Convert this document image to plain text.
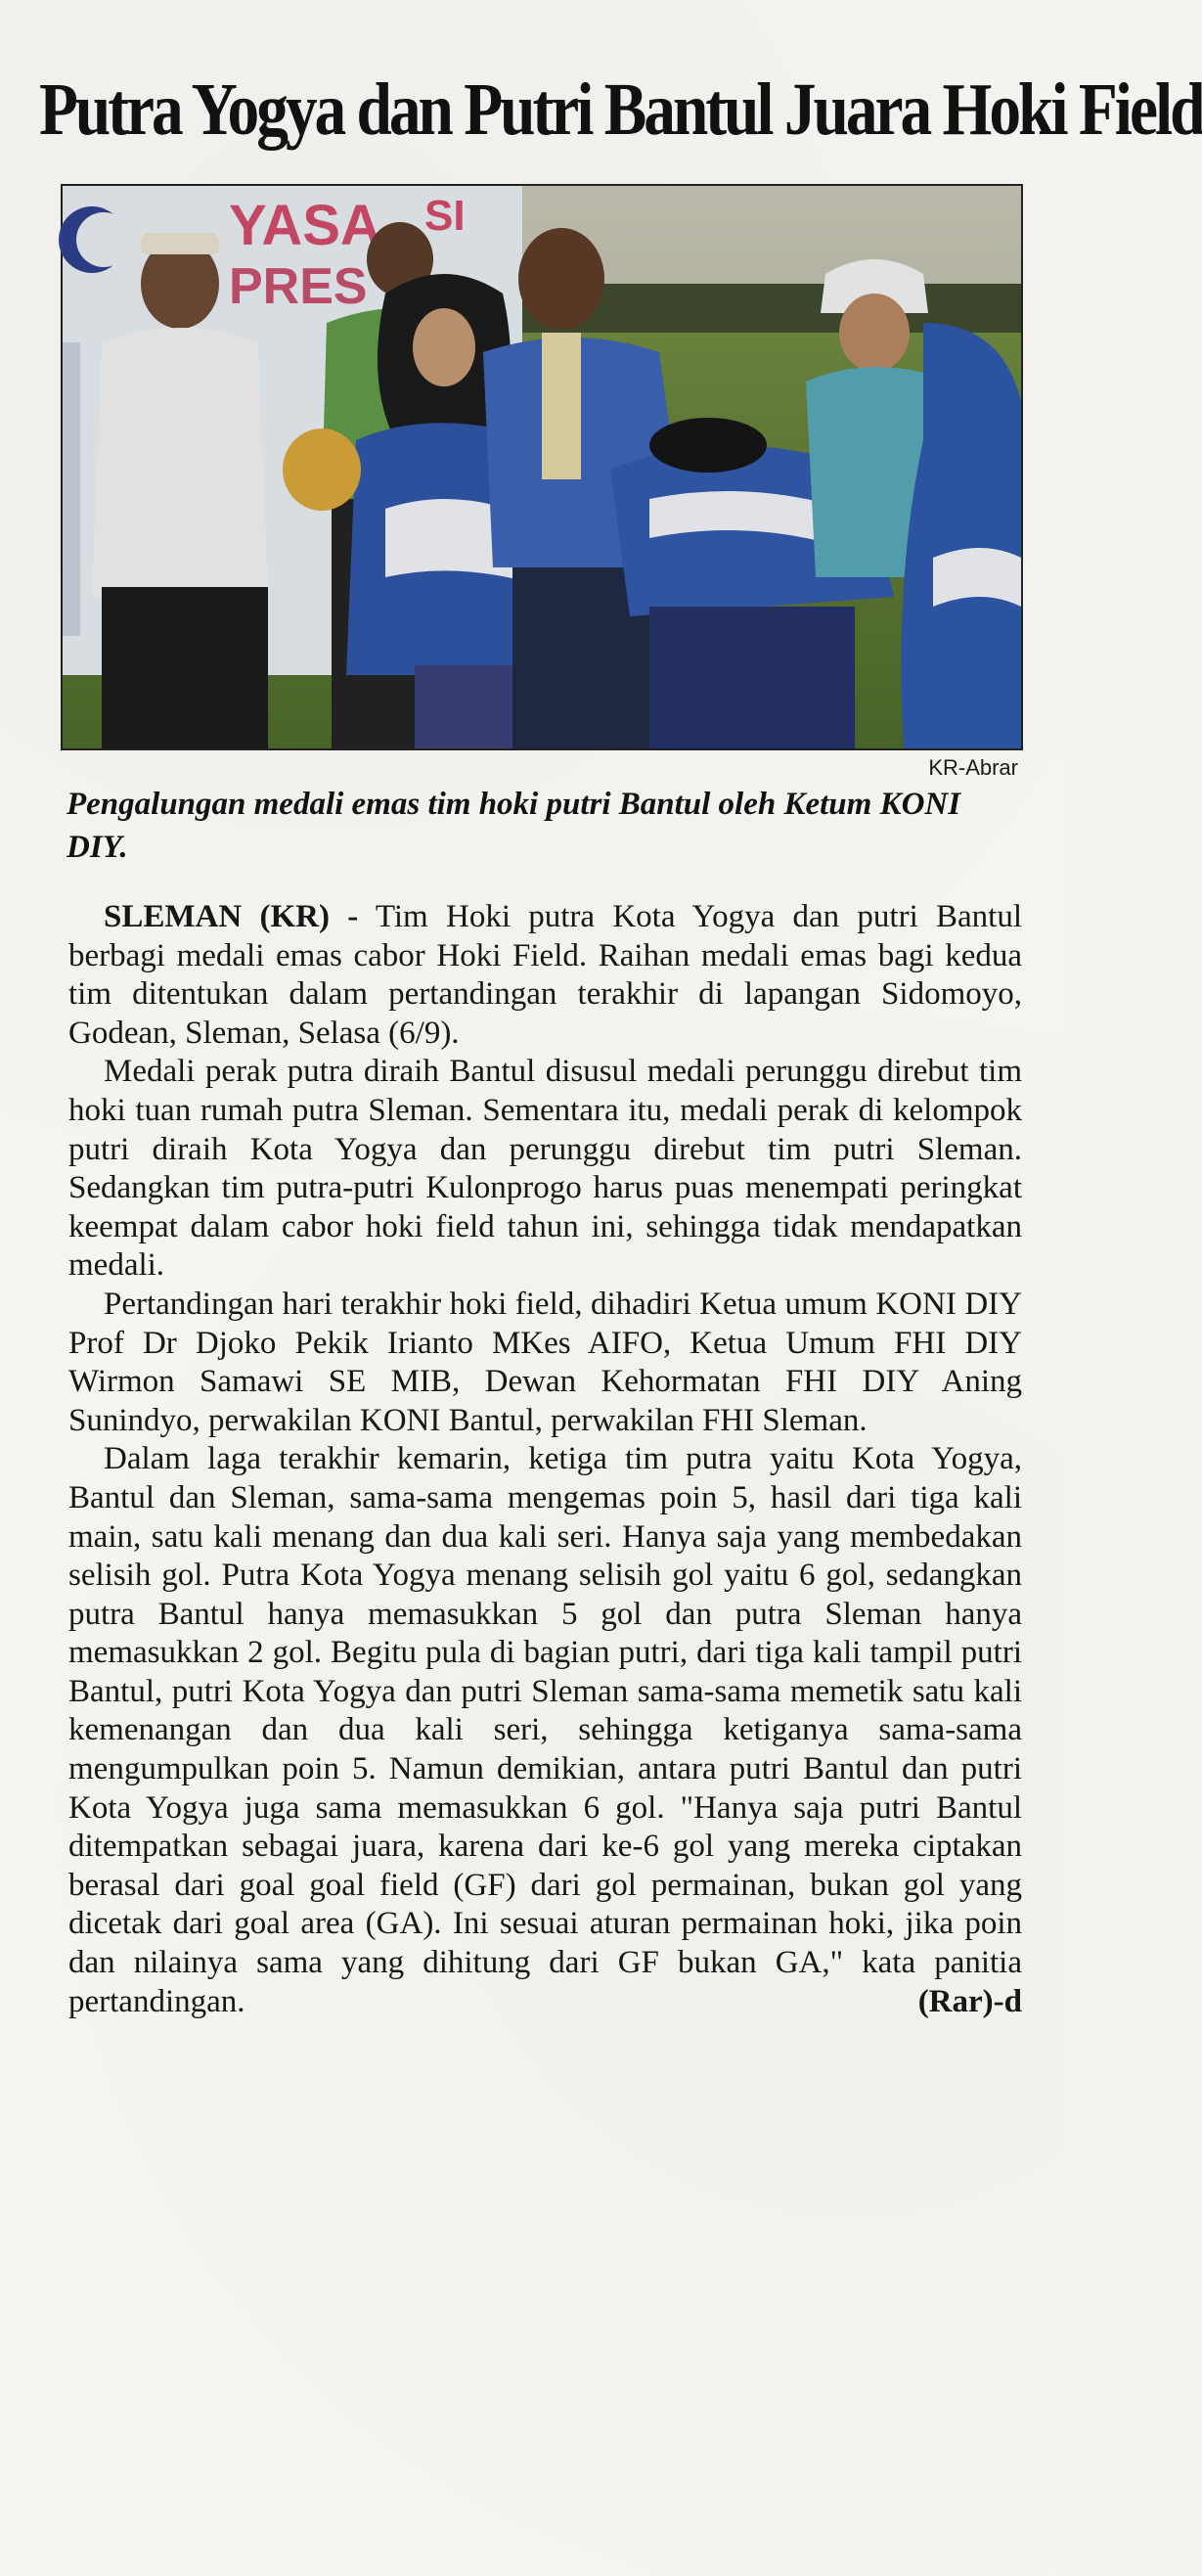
Putra Yogya dan Putri Bantul Juara Hoki Field
KR-Abrar
Pengalungan medali emas tim hoki putri Bantul oleh Ketum KONI DIY.

SLEMAN (KR) - Tim Hoki putra Kota Yogya dan putri Bantul berbagi medali emas cabor Hoki Field. Raihan medali emas bagi kedua tim ditentukan dalam pertandingan terakhir di lapangan Sidomoyo, Godean, Sleman, Selasa (6/9).

Medali perak putra diraih Bantul disusul medali perunggu direbut tim hoki tuan rumah putra Sleman. Sementara itu, medali perak di kelompok putri diraih Kota Yogya dan perunggu direbut tim putri Sleman. Sedangkan tim putra-putri Kulonprogo harus puas menempati peringkat keempat dalam cabor hoki field tahun ini, sehingga tidak mendapatkan medali.

Pertandingan hari terakhir hoki field, dihadiri Ketua umum KONI DIY Prof Dr Djoko Pekik Irianto MKes AIFO, Ketua Umum FHI DIY Wirmon Samawi SE MIB, Dewan Kehormatan FHI DIY Aning Sunindyo, perwakilan KONI Bantul, perwakilan FHI Sleman.

Dalam laga terakhir kemarin, ketiga tim putra yaitu Kota Yogya, Bantul dan Sleman, sama-sama mengemas poin 5, hasil dari tiga kali main, satu kali menang dan dua kali seri. Hanya saja yang membedakan selisih gol. Putra Kota Yogya menang selisih gol yaitu 6 gol, sedangkan putra Bantul hanya memasukkan 5 gol dan putra Sleman hanya memasukkan 2 gol. Begitu pula di bagian putri, dari tiga kali tampil putri Bantul, putri Kota Yogya dan putri Sleman sama-sama memetik satu kali kemenangan dan dua kali seri, sehingga ketiganya sama-sama mengumpulkan poin 5. Namun demikian, antara putri Bantul dan putri Kota Yogya juga sama memasukkan 6 gol. "Hanya saja putri Bantul ditempatkan sebagai juara, karena dari ke-6 gol yang mereka ciptakan berasal dari goal goal field (GF) dari gol permainan, bukan gol yang dicetak dari goal area (GA). Ini sesuai aturan permainan hoki, jika poin dan nilainya sama yang dihitung dari GF bukan GA," kata panitia pertandingan.	(Rar)-d
